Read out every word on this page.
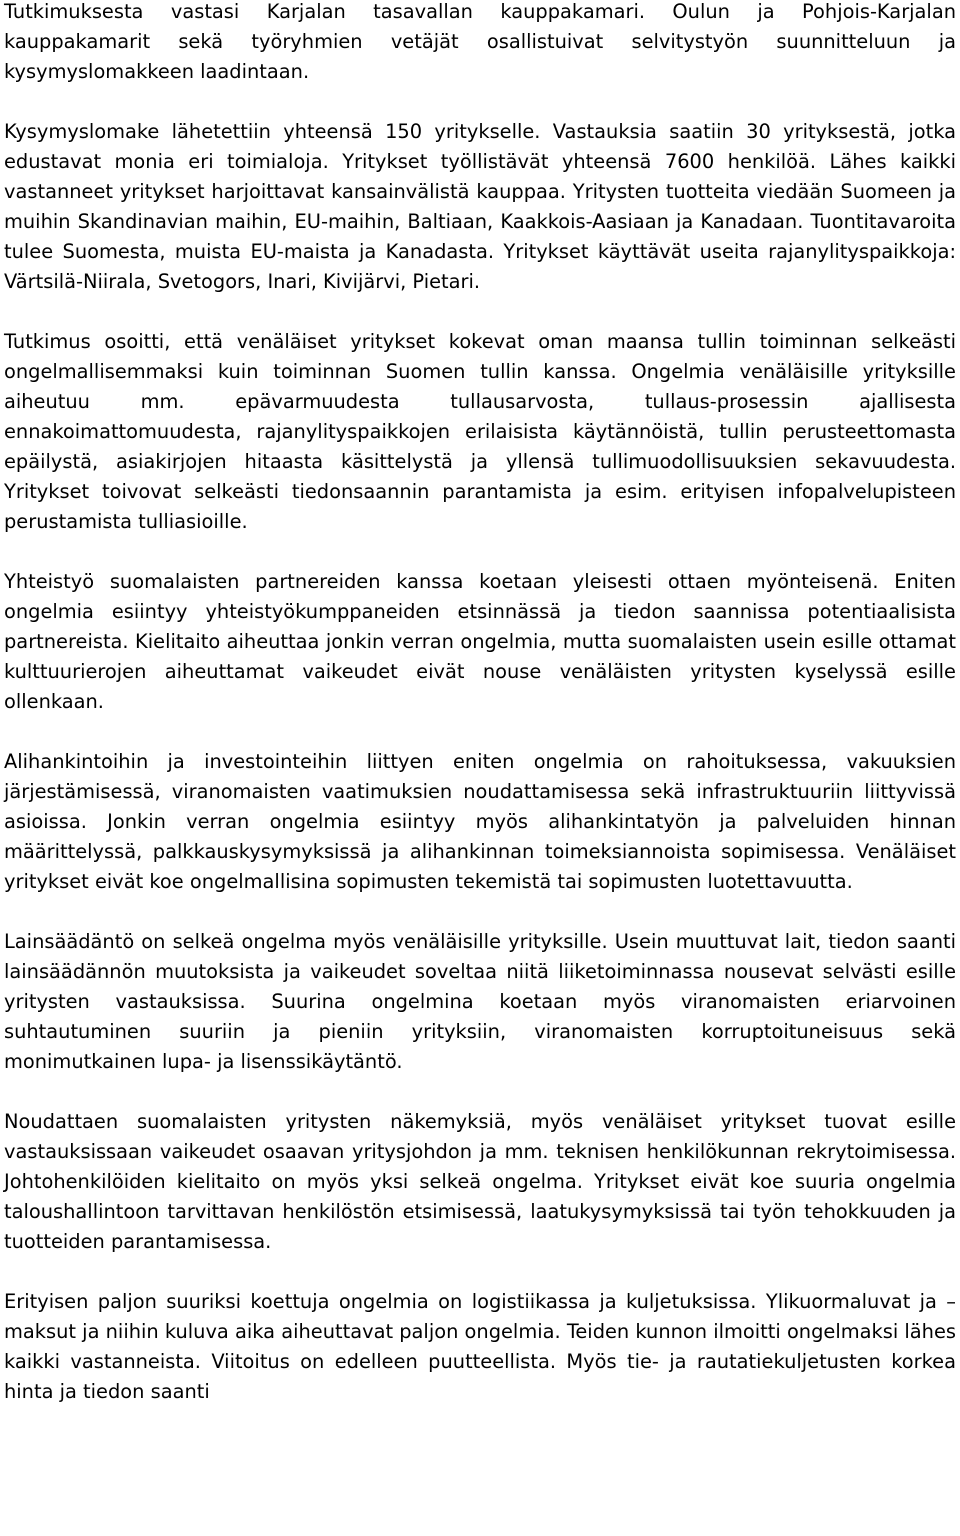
Tutkimuksesta vastasi Karjalan tasavallan kauppakamari. Oulun ja Pohjois-Karjalan kauppakamarit sekä työryhmien vetäjät osallistuivat selvitystyön suunnitteluun ja kysymyslomakkeen laadintaan.

Kysymyslomake lähetettiin yhteensä 150 yritykselle. Vastauksia saatiin 30 yrityksestä, jotka edustavat monia eri toimialoja. Yritykset työllistävät yhteensä 7600 henkilöä. Lähes kaikki vastanneet yritykset harjoittavat kansainvälistä kauppaa. Yritysten tuotteita viedään Suomeen ja muihin Skandinavian maihin, EU-maihin, Baltiaan, Kaakkois-Aasiaan ja Kanadaan. Tuontitavaroita tulee Suomesta, muista EU-maista ja Kanadasta. Yritykset käyttävät useita rajanylityspaikkoja: Värtsilä-Niirala, Svetogors, Inari, Kivijärvi, Pietari.

Tutkimus osoitti, että venäläiset yritykset kokevat oman maansa tullin toiminnan selkeästi ongelmallisemmaksi kuin toiminnan Suomen tullin kanssa. Ongelmia venäläisille yrityksille aiheutuu mm. epävarmuudesta tullausarvosta, tullaus-prosessin ajallisesta ennakoimattomuudesta, rajanylityspaikkojen erilaisista käytännöistä, tullin perusteettomasta epäilystä, asiakirjojen hitaasta käsittelystä ja yllensä tullimuodollisuuksien sekavuudesta. Yritykset toivovat selkeästi tiedonsaannin parantamista ja esim. erityisen infopalvelupisteen perustamista tulliasioille.

Yhteistyö suomalaisten partnereiden kanssa koetaan yleisesti ottaen myönteisenä. Eniten ongelmia esiintyy yhteistyökumppaneiden etsinnässä ja tiedon saannissa potentiaalisista partnereista. Kielitaito aiheuttaa jonkin verran ongelmia, mutta suomalaisten usein esille ottamat kulttuurierojen aiheuttamat vaikeudet eivät nouse venäläisten yritysten kyselyssä esille ollenkaan.

Alihankintoihin ja investointeihin liittyen eniten ongelmia on rahoituksessa, vakuuksien järjestämisessä, viranomaisten vaatimuksien noudattamisessa sekä infrastruktuuriin liittyvissä asioissa. Jonkin verran ongelmia esiintyy myös alihankintatyön ja palveluiden hinnan määrittelyssä, palkkauskysymyksissä ja alihankinnan toimeksiannoista sopimisessa. Venäläiset yritykset eivät koe ongelmallisina sopimusten tekemistä tai sopimusten luotettavuutta.

Lainsäädäntö on selkeä ongelma myös venäläisille yrityksille. Usein muuttuvat lait, tiedon saanti lainsäädännön muutoksista ja vaikeudet soveltaa niitä liiketoiminnassa nousevat selvästi esille yritysten vastauksissa. Suurina ongelmina koetaan myös viranomaisten eriarvoinen suhtautuminen suuriin ja pieniin yrityksiin, viranomaisten korruptoituneisuus sekä monimutkainen lupa- ja lisenssikäytäntö.

Noudattaen suomalaisten yritysten näkemyksiä, myös venäläiset yritykset tuovat esille vastauksissaan vaikeudet osaavan yritysjohdon ja mm. teknisen henkilökunnan rekrytoimisessa. Johtohenkilöiden kielitaito on myös yksi selkeä ongelma. Yritykset eivät koe suuria ongelmia taloushallintoon tarvittavan henkilöstön etsimisessä, laatukysymyksissä tai työn tehokkuuden ja tuotteiden parantamisessa.

Erityisen paljon suuriksi koettuja ongelmia on logistiikassa ja kuljetuksissa. Ylikuormaluvat ja – maksut ja niihin kuluva aika aiheuttavat paljon ongelmia. Teiden kunnon ilmoitti ongelmaksi lähes kaikki vastanneista. Viitoitus on edelleen puutteellista. Myös tie- ja rautatiekuljetusten korkea hinta ja tiedon saanti
